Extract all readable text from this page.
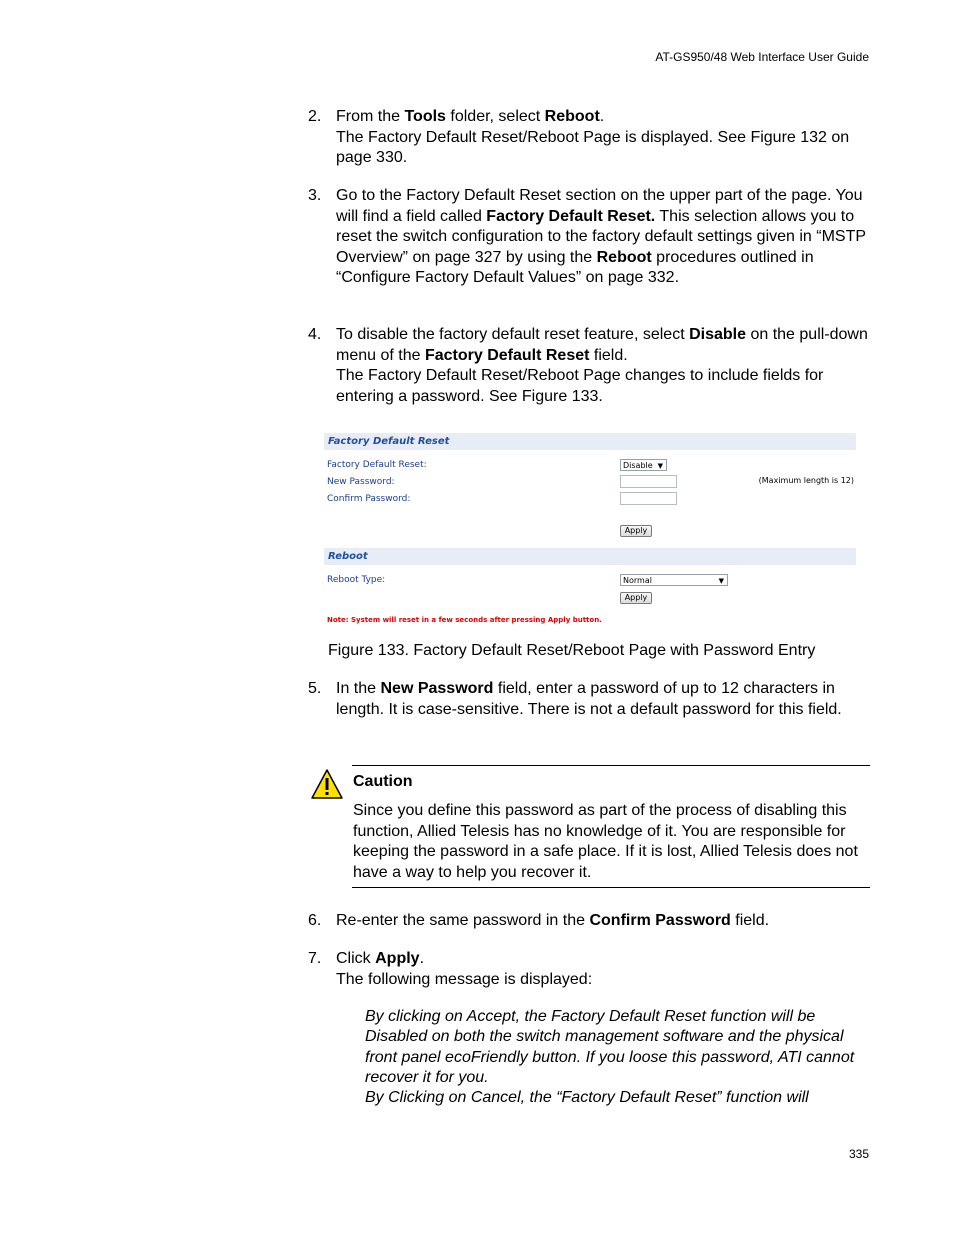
AT-GS950/48 Web Interface User Guide
2. From the Tools folder, select Reboot.

The Factory Default Reset/Reboot Page is displayed. See Figure 132 on page 330.

3. Go to the Factory Default Reset section on the upper part of the page. You will find a field called Factory Default Reset. This selection allows you to reset the switch configuration to the factory default settings given in “MSTP Overview” on page 327 by using the Reboot procedures outlined in “Configure Factory Default Values” on page 332.

4. To disable the factory default reset feature, select Disable on the pull-down menu of the Factory Default Reset field.

The Factory Default Reset/Reboot Page changes to include fields for entering a password. See Figure 133.

Factory Default Reset
Factory Default Reset:	Disable ▼
New Password:	(Maximum length is 12)
Confirm Password:
Apply
Reboot
Reboot Type:	Normal	▼
Apply
Note: System will reset in a few seconds after pressing Apply button.
Figure 133. Factory Default Reset/Reboot Page with Password Entry
5. In the New Password field, enter a password of up to 12 characters in length. It is case-sensitive. There is not a default password for this field.

Caution

Since you define this password as part of the process of disabling this function, Allied Telesis has no knowledge of it. You are responsible for keeping the password in a safe place. If it is lost, Allied Telesis does not have a way to help you recover it.

6. Re-enter the same password in the Confirm Password field.

7. Click Apply.

The following message is displayed:

By clicking on Accept, the Factory Default Reset function will be Disabled on both the switch management software and the physical front panel ecoFriendly button. If you loose this password, ATI cannot recover it for you.

By Clicking on Cancel, the “Factory Default Reset” function will

335
